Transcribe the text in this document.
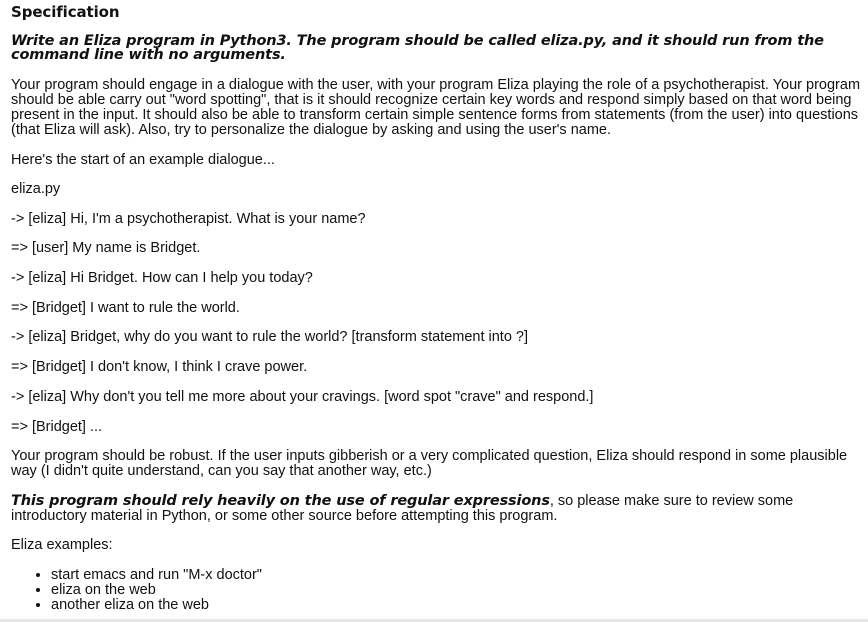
Specification
Write an Eliza program in Python3. The program should be called eliza.py, and it should run from the command line with no arguments.

Your program should engage in a dialogue with the user, with your program Eliza playing the role of a psychotherapist. Your program should be able carry out "word spotting", that is it should recognize certain key words and respond simply based on that word being present in the input. It should also be able to transform certain simple sentence forms from statements (from the user) into questions (that Eliza will ask). Also, try to personalize the dialogue by asking and using the user's name.

Here's the start of an example dialogue...

eliza.py

-> [eliza] Hi, I'm a psychotherapist. What is your name?

=> [user] My name is Bridget.

-> [eliza] Hi Bridget. How can I help you today?

=> [Bridget] I want to rule the world.

-> [eliza] Bridget, why do you want to rule the world? [transform statement into ?]

=> [Bridget] I don't know, I think I crave power.

-> [eliza] Why don't you tell me more about your cravings. [word spot "crave" and respond.]

=> [Bridget] ...

Your program should be robust. If the user inputs gibberish or a very complicated question, Eliza should respond in some plausible way (I didn't quite understand, can you say that another way, etc.)

This program should rely heavily on the use of regular expressions, so please make sure to review some introductory material in Python, or some other source before attempting this program.

Eliza examples:

• start emacs and run "M-x doctor"
• eliza on the web
• another eliza on the web
